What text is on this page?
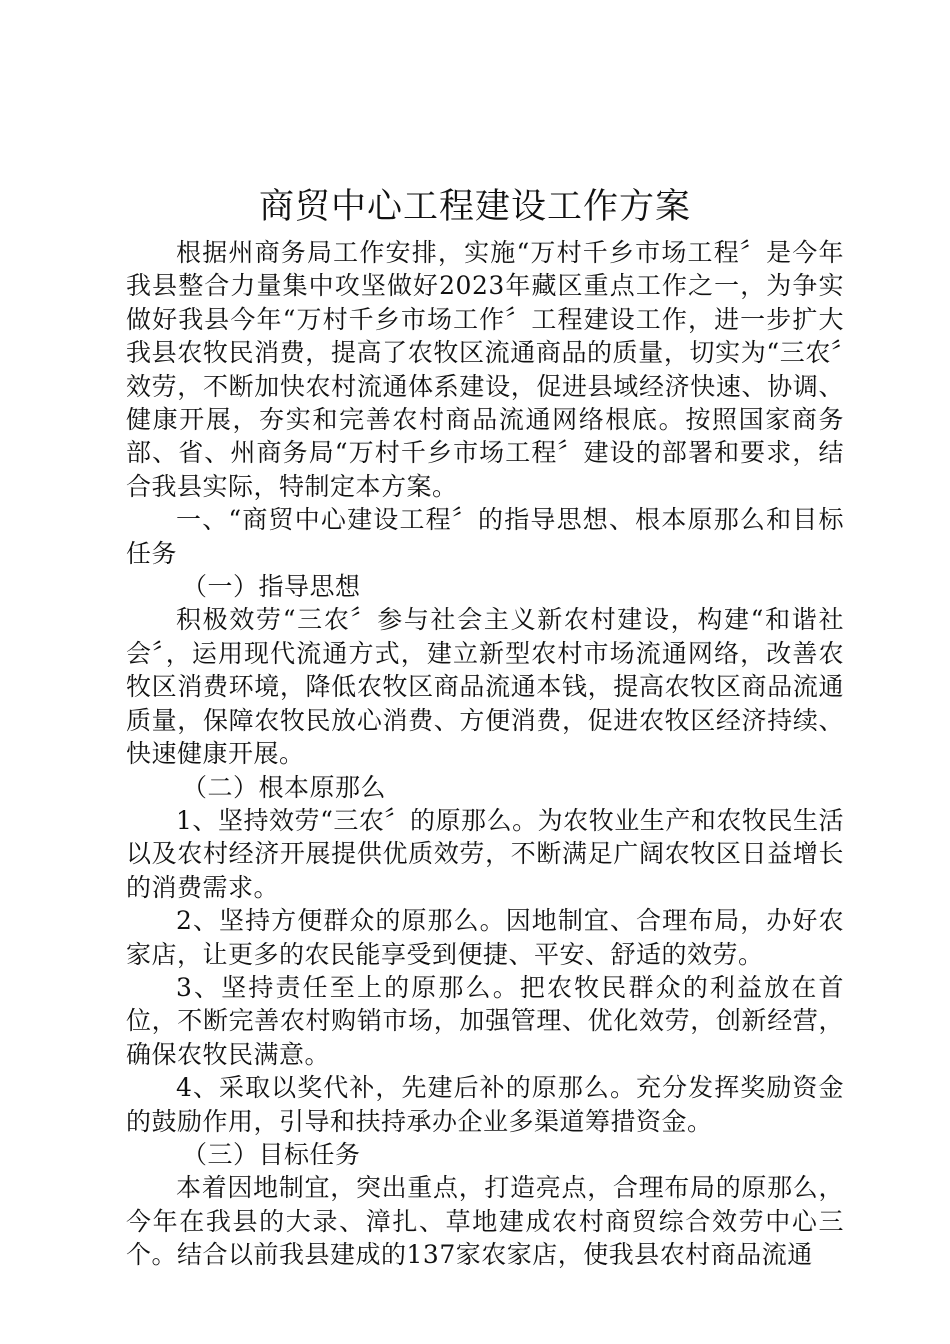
商贸中心工程建设工作方案

根据州商务局工作安排，实施“万村千乡市场工程〞是今年我县整合力量集中攻坚做好2023年藏区重点工作之一，为争实做好我县今年“万村千乡市场工作〞工程建设工作，进一步扩大我县农牧民消费，提高了农牧区流通商品的质量，切实为“三农〞效劳，不断加快农村流通体系建设，促进县域经济快速、协调、健康开展，夯实和完善农村商品流通网络根底。按照国家商务部、省、州商务局“万村千乡市场工程〞建设的部署和要求，结合我县实际，特制定本方案。

一、“商贸中心建设工程〞的指导思想、根本原那么和目标任务

（一）指导思想

积极效劳“三农〞参与社会主义新农村建设，构建“和谐社会〞，运用现代流通方式，建立新型农村市场流通网络，改善农牧区消费环境，降低农牧区商品流通本钱，提高农牧区商品流通质量，保障农牧民放心消费、方便消费，促进农牧区经济持续、快速健康开展。

（二）根本原那么

1、坚持效劳“三农〞的原那么。为农牧业生产和农牧民生活以及农村经济开展提供优质效劳，不断满足广阔农牧区日益增长的消费需求。

2、坚持方便群众的原那么。因地制宜、合理布局，办好农家店，让更多的农民能享受到便捷、平安、舒适的效劳。

3、坚持责任至上的原那么。把农牧民群众的利益放在首位，不断完善农村购销市场，加强管理、优化效劳，创新经营，确保农牧民满意。

4、采取以奖代补，先建后补的原那么。充分发挥奖励资金的鼓励作用，引导和扶持承办企业多渠道筹措资金。

（三）目标任务

本着因地制宜，突出重点，打造亮点，合理布局的原那么，今年在我县的大录、漳扎、草地建成农村商贸综合效劳中心三个。结合以前我县建成的137家农家店，使我县农村商品流通
